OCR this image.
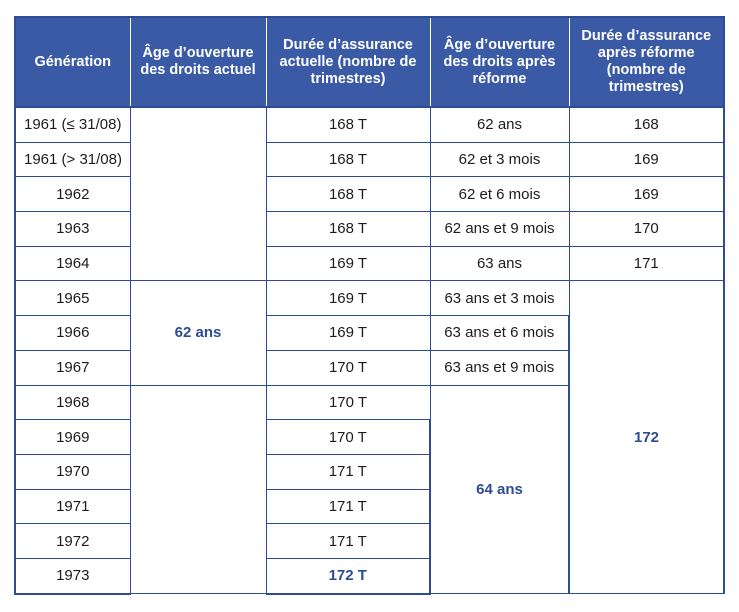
Génération	Âge d’ouverture des droits actuel	Durée d’assurance actuelle (nombre de trimestres)	Âge d’ouverture des droits après réforme	Durée d’assurance après réforme (nombre de trimestres)
1961 (≤ 31/08)		168 T	62 ans	168
1961 (> 31/08)		168 T	62 et 3 mois	169
1962		168 T	62 et 6 mois	169
1963		168 T	62 ans et 9 mois	170
1964		169 T	63 ans	171
1965	62 ans	169 T	63 ans et 3 mois	172
1966		169 T	63 ans et 6 mois	
1967		170 T	63 ans et 9 mois	
1968		170 T	64 ans	
1969		170 T		
1970		171 T		
1971		171 T		
1972		171 T		
1973		172 T		
